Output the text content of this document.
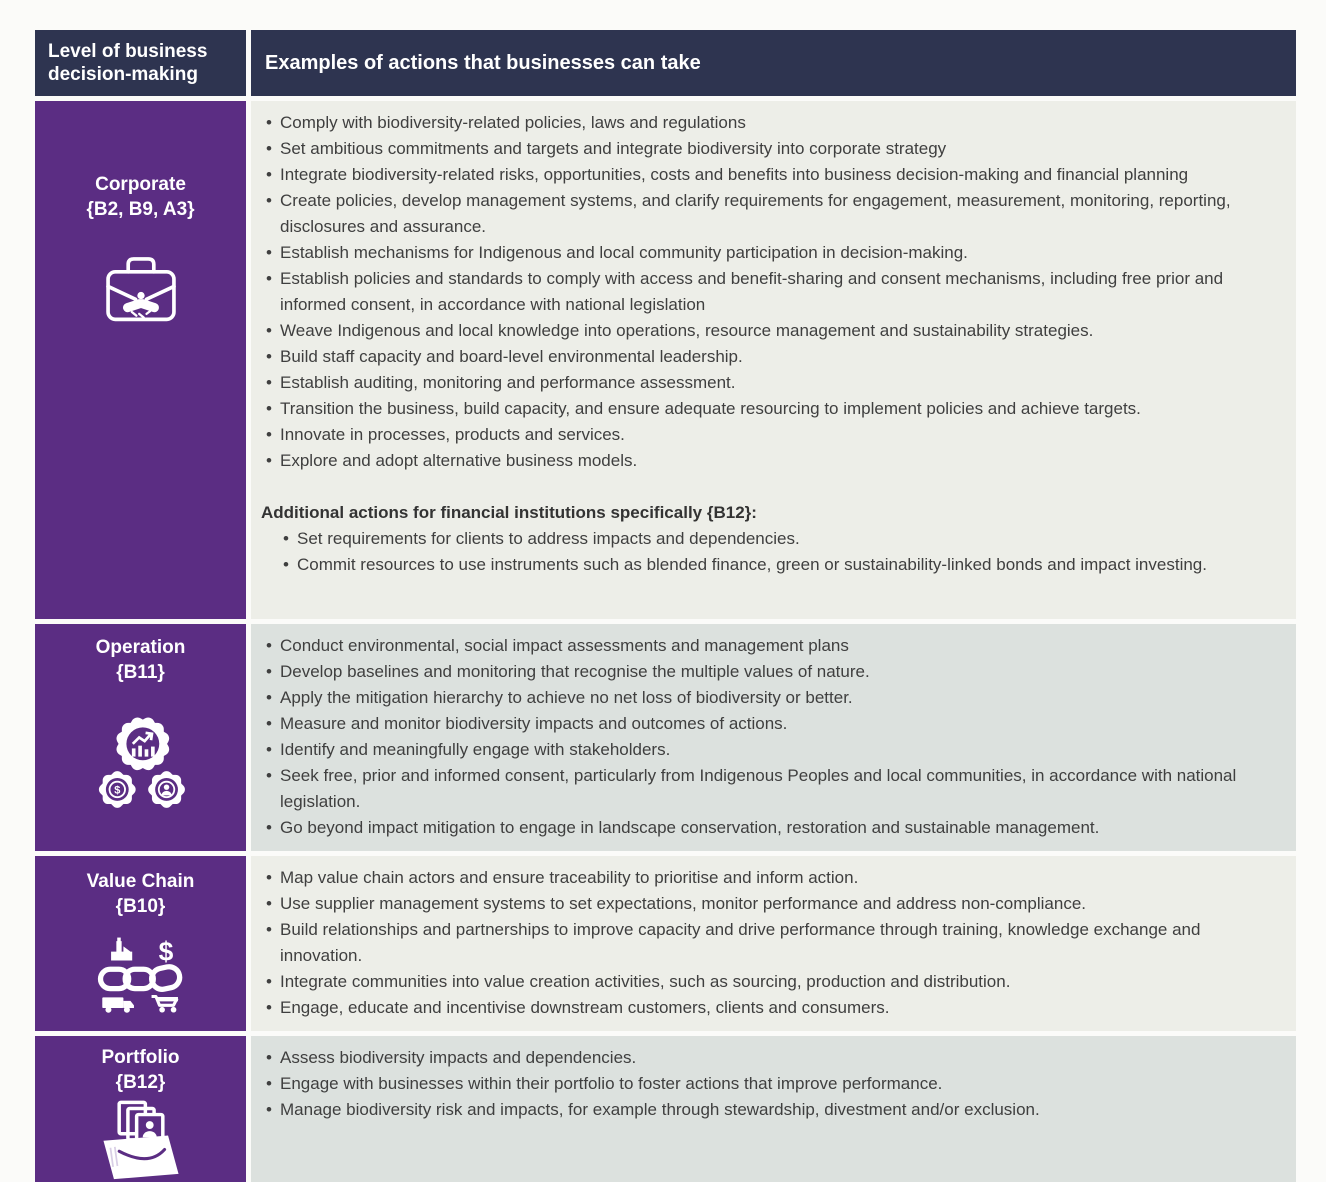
Level of business decision-making
Examples of actions that businesses can take
Corporate
{B2, B9, A3}
• Comply with biodiversity-related policies, laws and regulations
• Set ambitious commitments and targets and integrate biodiversity into corporate strategy
• Integrate biodiversity-related risks, opportunities, costs and benefits into business decision-making and financial planning
• Create policies, develop management systems, and clarify requirements for engagement, measurement, monitoring, reporting, disclosures and assurance.
• Establish mechanisms for Indigenous and local community participation in decision-making.
• Establish policies and standards to comply with access and benefit-sharing and consent mechanisms, including free prior and informed consent, in accordance with national legislation
• Weave Indigenous and local knowledge into operations, resource management and sustainability strategies.
• Build staff capacity and board-level environmental leadership.
• Establish auditing, monitoring and performance assessment.
• Transition the business, build capacity, and ensure adequate resourcing to implement policies and achieve targets.
• Innovate in processes, products and services.
• Explore and adopt alternative business models.
Additional actions for financial institutions specifically {B12}:
• Set requirements for clients to address impacts and dependencies.
• Commit resources to use instruments such as blended finance, green or sustainability-linked bonds and impact investing.
Operation
{B11}
$
• Conduct environmental, social impact assessments and management plans
• Develop baselines and monitoring that recognise the multiple values of nature.
• Apply the mitigation hierarchy to achieve no net loss of biodiversity or better.
• Measure and monitor biodiversity impacts and outcomes of actions.
• Identify and meaningfully engage with stakeholders.
• Seek free, prior and informed consent, particularly from Indigenous Peoples and local communities, in accordance with national legislation.
• Go beyond impact mitigation to engage in landscape conservation, restoration and sustainable management.
Value Chain
{B10}
$
• Map value chain actors and ensure traceability to prioritise and inform action.
• Use supplier management systems to set expectations, monitor performance and address non-compliance.
• Build relationships and partnerships to improve capacity and drive performance through training, knowledge exchange and innovation.
• Integrate communities into value creation activities, such as sourcing, production and distribution.
• Engage, educate and incentivise downstream customers, clients and consumers.
Portfolio
{B12}
• Assess biodiversity impacts and dependencies.
• Engage with businesses within their portfolio to foster actions that improve performance.
• Manage biodiversity risk and impacts, for example through stewardship, divestment and/or exclusion.
